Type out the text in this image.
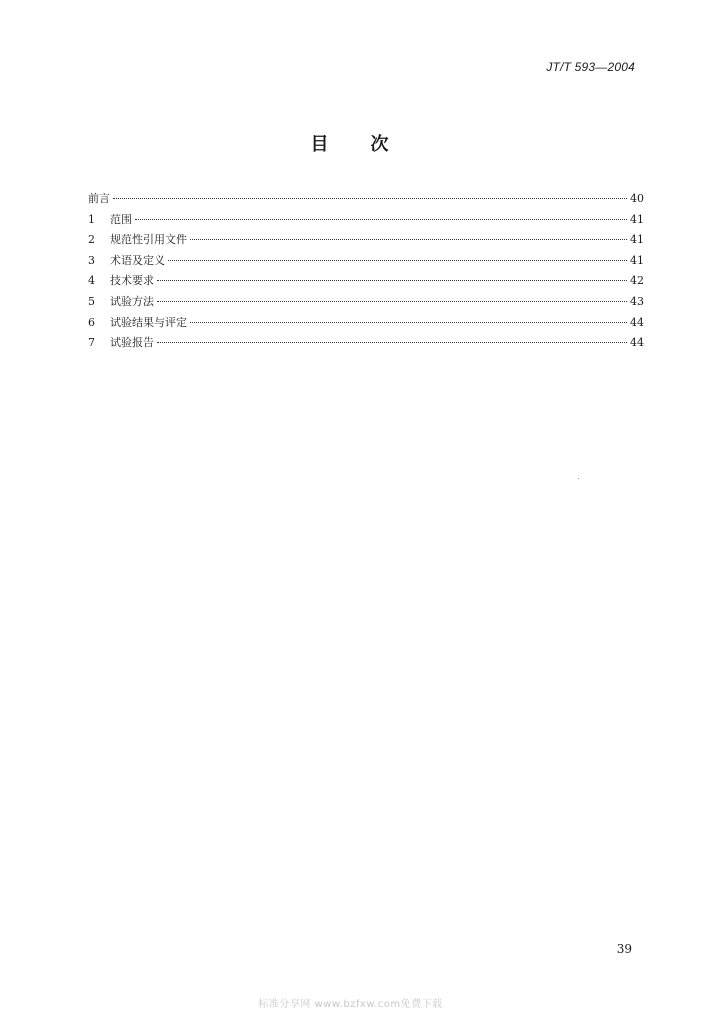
JT/T 593—2004
目 次
前言	40
1	范围	41
2	规范性引用文件	41
3	术语及定义	41
4	技术要求	42
5	试验方法	43
6	试验结果与评定	44
7	试验报告	44
39
标准分享网 www.bzfxw.com免费下载
